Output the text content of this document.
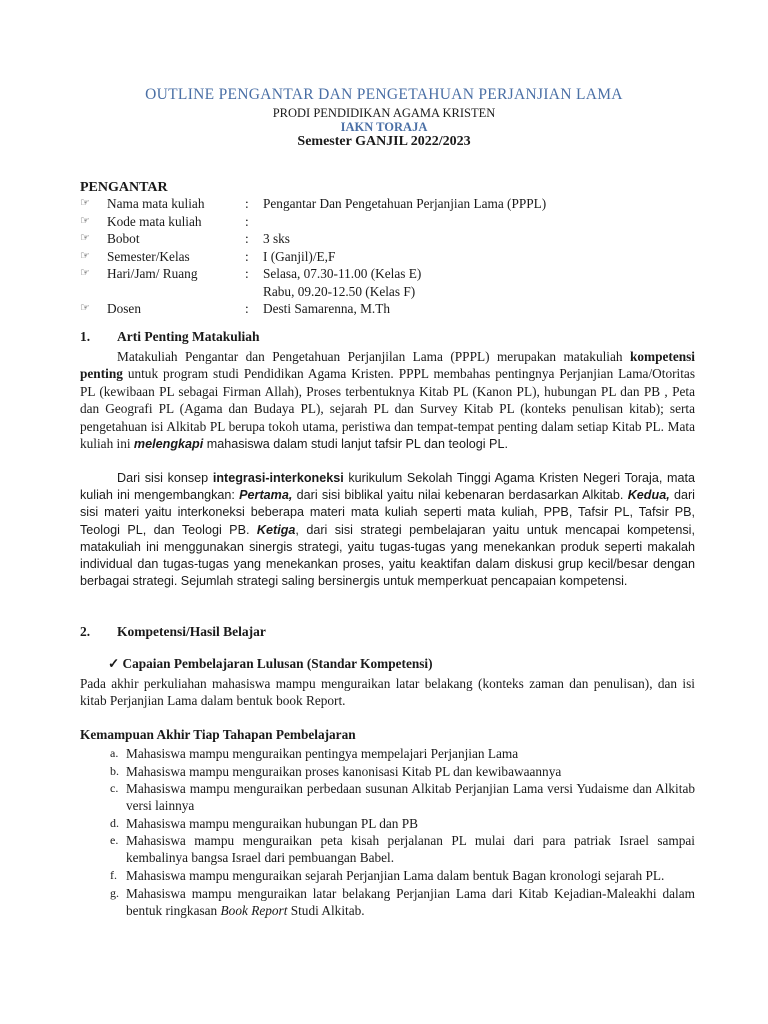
OUTLINE PENGANTAR DAN PENGETAHUAN PERJANJIAN LAMA
PRODI PENDIDIKAN AGAMA KRISTEN
IAKN TORAJA
Semester GANJIL 2022/2023
PENGANTAR
☞	Nama mata kuliah	: Pengantar Dan Pengetahuan Perjanjian Lama (PPPL)
☞	Kode mata kuliah	:
☞	Bobot	: 3 sks
☞	Semester/Kelas	: I (Ganjil)/E,F
☞	Hari/Jam/ Ruang	: Selasa, 07.30-11.00 (Kelas E)
Rabu, 09.20-12.50 (Kelas F)
☞	Dosen	: Desti Samarenna, M.Th
1. Arti Penting Matakuliah

Matakuliah Pengantar dan Pengetahuan Perjanjilan Lama (PPPL) merupakan matakuliah kompetensi penting untuk program studi Pendidikan Agama Kristen. PPPL membahas pentingnya Perjanjian Lama/Otoritas PL (kewibaan PL sebagai Firman Allah), Proses terbentuknya Kitab PL (Kanon PL), hubungan PL dan PB , Peta dan Geografi PL (Agama dan Budaya PL), sejarah PL dan Survey Kitab PL (konteks penulisan kitab); serta pengetahuan isi Alkitab PL berupa tokoh utama, peristiwa dan tempat-tempat penting dalam setiap Kitab PL. Mata kuliah ini melengkapi mahasiswa dalam studi lanjut tafsir PL dan teologi PL.

Dari sisi konsep integrasi-interkoneksi kurikulum Sekolah Tinggi Agama Kristen Negeri Toraja, mata kuliah ini mengembangkan: Pertama, dari sisi biblikal yaitu nilai kebenaran berdasarkan Alkitab. Kedua, dari sisi materi yaitu interkoneksi beberapa materi mata kuliah seperti mata kuliah, PPB, Tafsir PL, Tafsir PB, Teologi PL, dan Teologi PB. Ketiga, dari sisi strategi pembelajaran yaitu untuk mencapai kompetensi, matakuliah ini menggunakan sinergis strategi, yaitu tugas-tugas yang menekankan produk seperti makalah individual dan tugas-tugas yang menekankan proses, yaitu keaktifan dalam diskusi grup kecil/besar dengan berbagai strategi. Sejumlah strategi saling bersinergis untuk memperkuat pencapaian kompetensi.

2. Kompetensi/Hasil Belajar
✓ Capaian Pembelajaran Lulusan (Standar Kompetensi)

Pada akhir perkuliahan mahasiswa mampu menguraikan latar belakang (konteks zaman dan penulisan), dan isi kitab Perjanjian Lama dalam bentuk book Report.

Kemampuan Akhir Tiap Tahapan Pembelajaran
a. Mahasiswa mampu menguraikan pentingya mempelajari Perjanjian Lama
b. Mahasiswa mampu menguraikan proses kanonisasi Kitab PL dan kewibawaannya
c. Mahasiswa mampu menguraikan perbedaan susunan Alkitab Perjanjian Lama versi Yudaisme dan Alkitab versi lainnya
d. Mahasiswa mampu menguraikan hubungan PL dan PB
e. Mahasiswa mampu menguraikan peta kisah perjalanan PL mulai dari para patriak Israel sampai kembalinya bangsa Israel dari pembuangan Babel.
f. Mahasiswa mampu menguraikan sejarah Perjanjian Lama dalam bentuk Bagan kronologi sejarah PL.
g. Mahasiswa mampu menguraikan latar belakang Perjanjian Lama dari Kitab Kejadian-Maleakhi dalam bentuk ringkasan Book Report Studi Alkitab.
